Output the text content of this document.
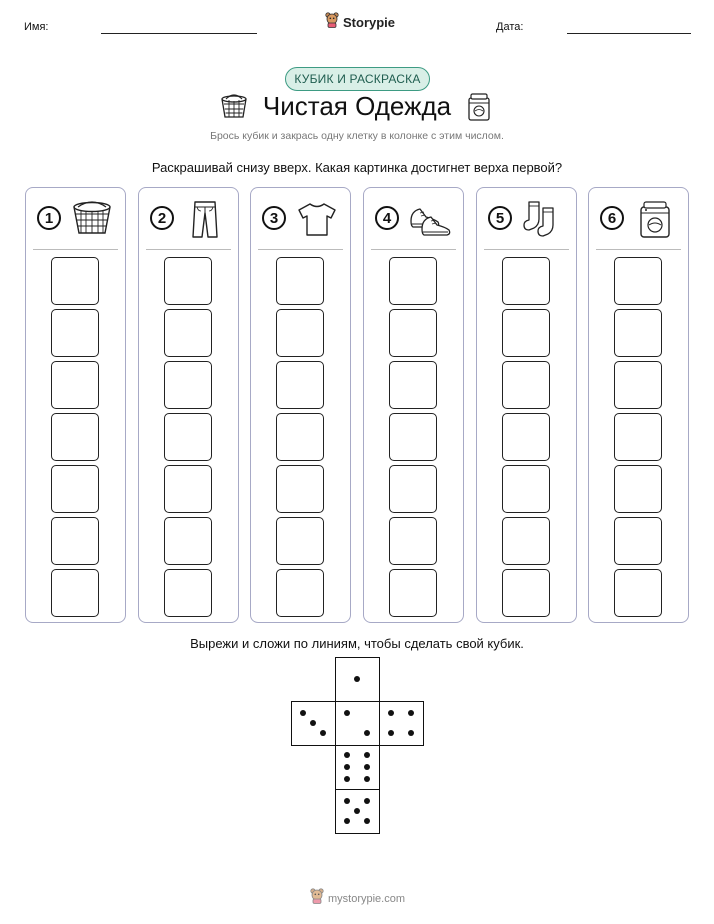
Имя:	Storypie	Дата:
КУБИК И РАСКРАСКА
Чистая Одежда
Брось кубик и закрась одну клетку в колонке с этим числом.
Раскрашивай снизу вверх. Какая картинка достигнет верха первой?
1	2	3	4	5	6
Вырежи и сложи по линиям, чтобы сделать свой кубик.
mystorypie.com
